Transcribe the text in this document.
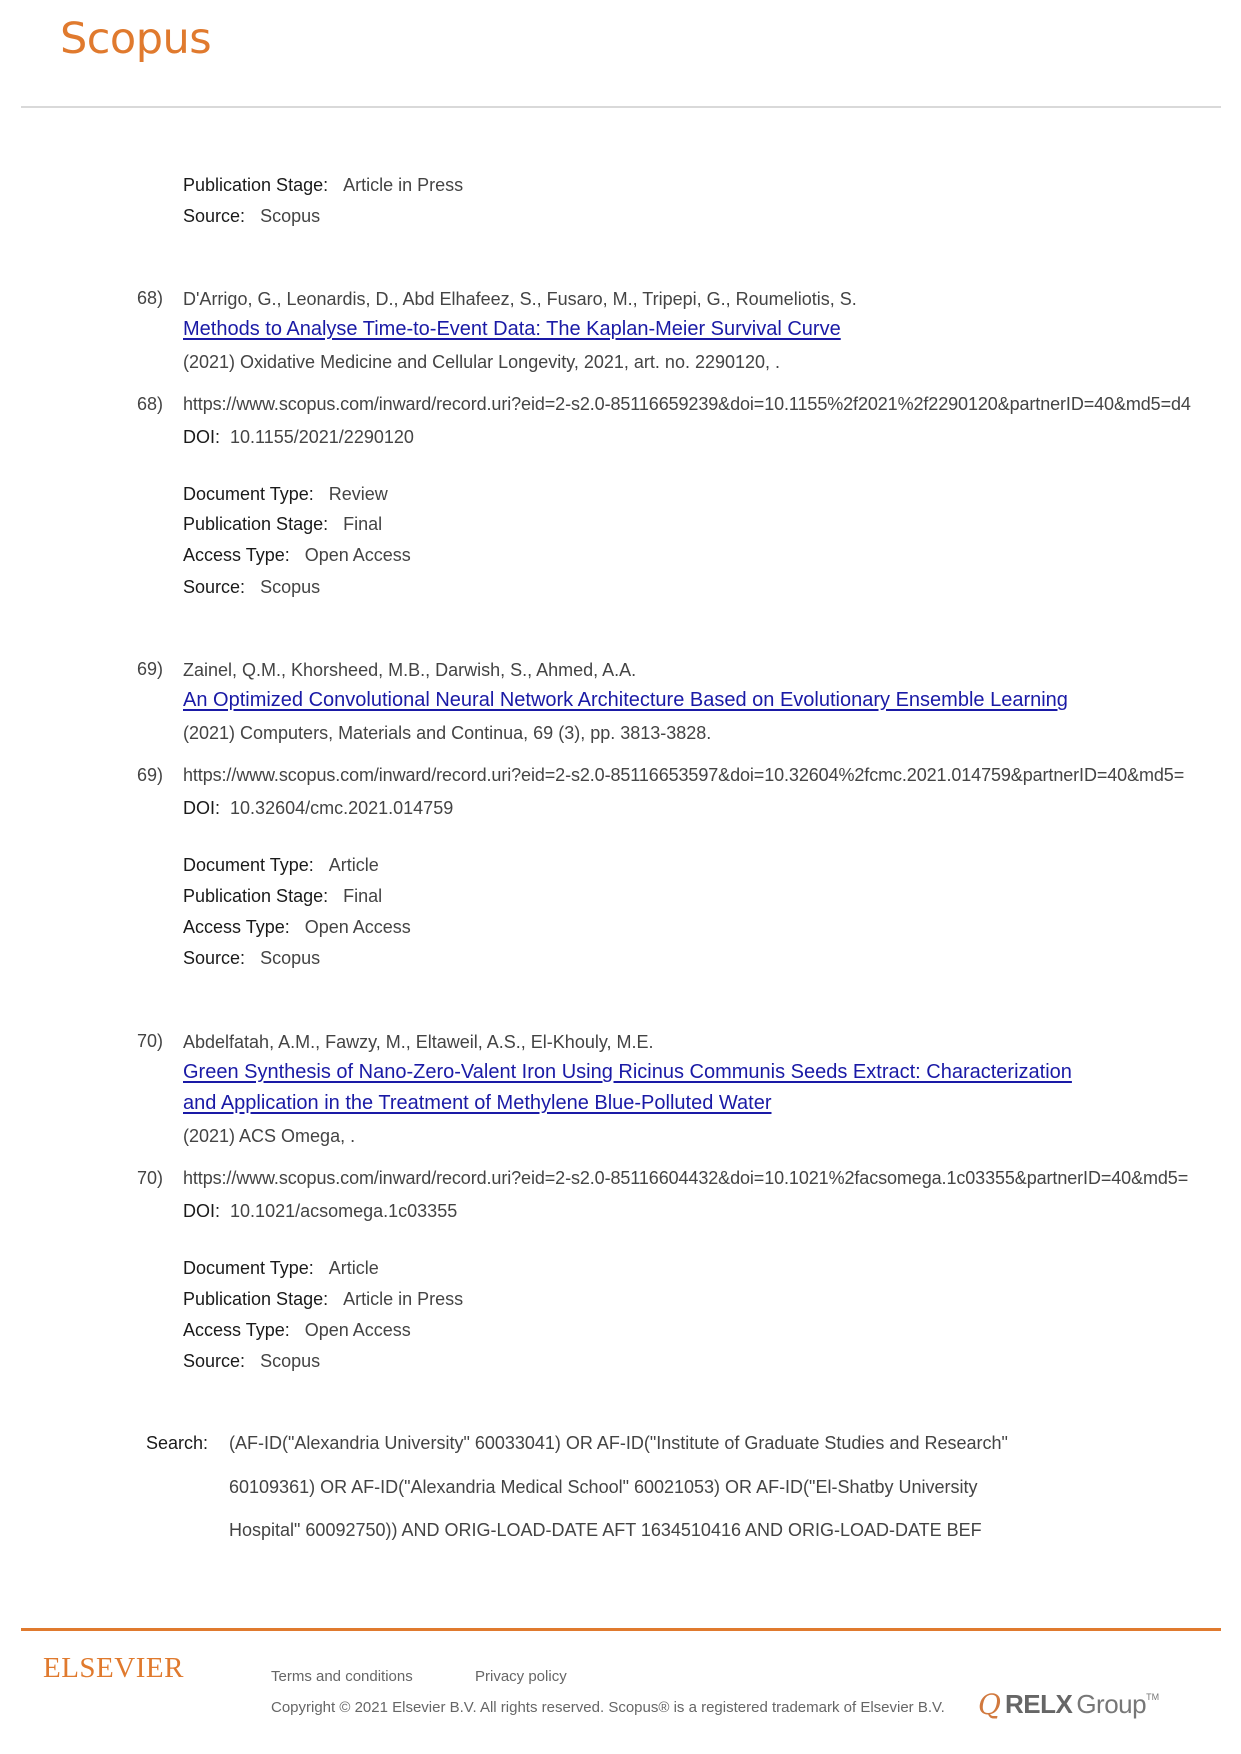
Scopus
Publication Stage: Article in Press
Source: Scopus
68) D'Arrigo, G., Leonardis, D., Abd Elhafeez, S., Fusaro, M., Tripepi, G., Roumeliotis, S.
Methods to Analyse Time-to-Event Data: The Kaplan-Meier Survival Curve
(2021) Oxidative Medicine and Cellular Longevity, 2021, art. no. 2290120, .
68) https://www.scopus.com/inward/record.uri?eid=2-s2.0-85116659239&doi=10.1155%2f2021%2f2290120&partnerID=40&md5=d4
DOI: 10.1155/2021/2290120
Document Type: Review
Publication Stage: Final
Access Type: Open Access
Source: Scopus
69) Zainel, Q.M., Khorsheed, M.B., Darwish, S., Ahmed, A.A.
An Optimized Convolutional Neural Network Architecture Based on Evolutionary Ensemble Learning
(2021) Computers, Materials and Continua, 69 (3), pp. 3813-3828.
69) https://www.scopus.com/inward/record.uri?eid=2-s2.0-85116653597&doi=10.32604%2fcmc.2021.014759&partnerID=40&md5=
DOI: 10.32604/cmc.2021.014759
Document Type: Article
Publication Stage: Final
Access Type: Open Access
Source: Scopus
70) Abdelfatah, A.M., Fawzy, M., Eltaweil, A.S., El-Khouly, M.E.
Green Synthesis of Nano-Zero-Valent Iron Using Ricinus Communis Seeds Extract: Characterization
and Application in the Treatment of Methylene Blue-Polluted Water
(2021) ACS Omega, .
70) https://www.scopus.com/inward/record.uri?eid=2-s2.0-85116604432&doi=10.1021%2facsomega.1c03355&partnerID=40&md5=
DOI: 10.1021/acsomega.1c03355
Document Type: Article
Publication Stage: Article in Press
Access Type: Open Access
Source: Scopus
Search: (AF-ID("Alexandria University" 60033041) OR AF-ID("Institute of Graduate Studies and Research"
60109361) OR AF-ID("Alexandria Medical School" 60021053) OR AF-ID("El-Shatby University
Hospital" 60092750)) AND ORIG-LOAD-DATE AFT 1634510416 AND ORIG-LOAD-DATE BEF
ELSEVIER	Terms and conditions	Privacy policy
Copyright © 2021 Elsevier B.V. All rights reserved. Scopus® is a registered trademark of Elsevier B.V. Q RELX Group TM
